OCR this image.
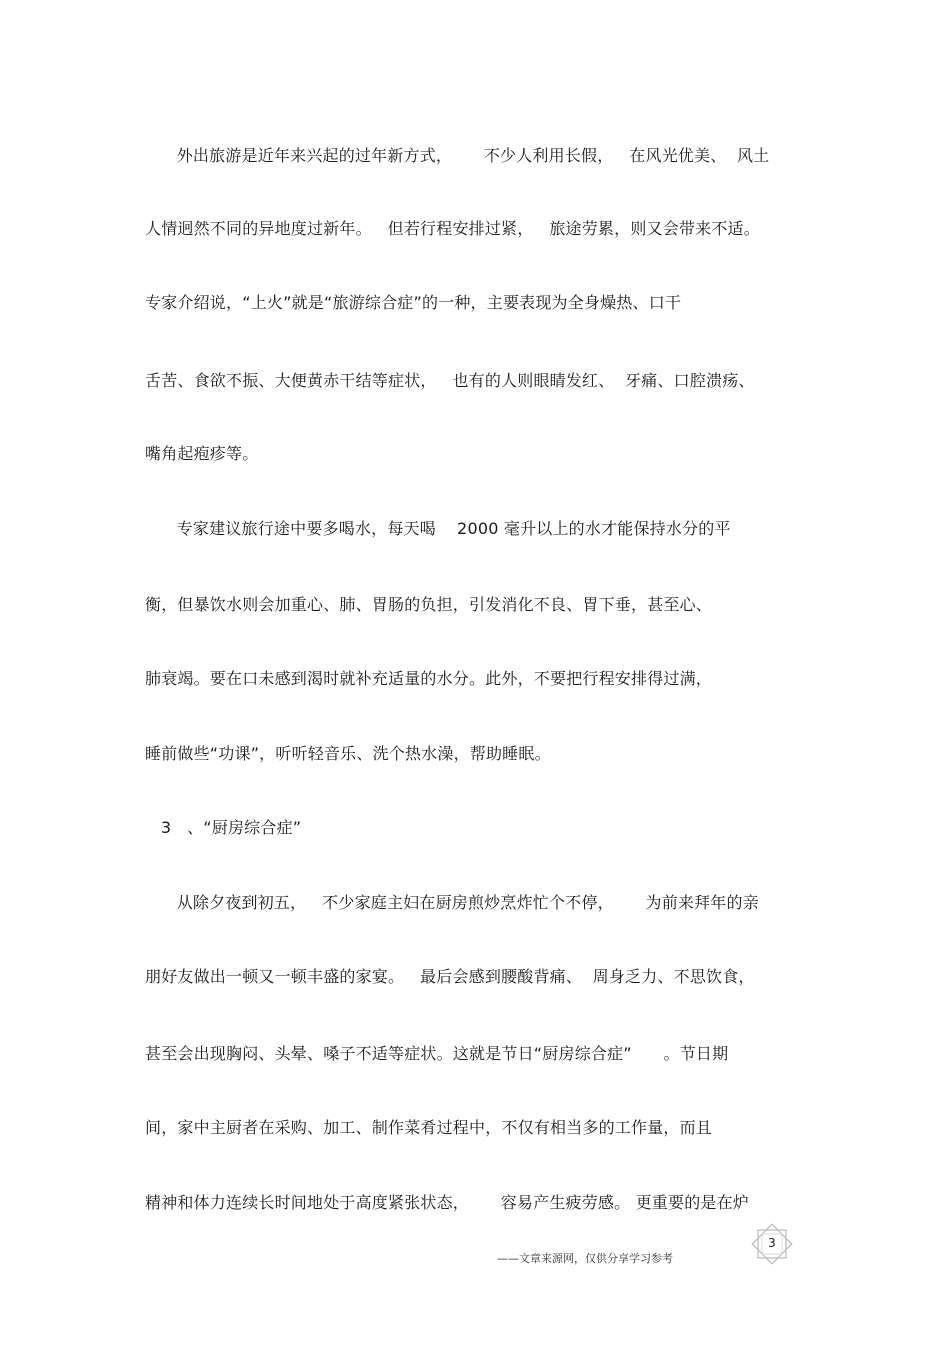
外出旅游是近年来兴起的过年新方式，      不少人利用长假，   在风光优美、  风土
人情迥然不同的异地度过新年。   但若行程安排过紧，   旅途劳累，则又会带来不适。
专家介绍说，“上火”就是“旅游综合症”的一种，主要表现为全身燥热、口干
舌苦、食欲不振、大便黄赤干结等症状，   也有的人则眼睛发红、  牙痛、口腔溃疡、
嘴角起疱疹等。
专家建议旅行途中要多喝水，每天喝    2000 毫升以上的水才能保持水分的平
衡，但暴饮水则会加重心、肺、胃肠的负担，引发消化不良、胃下垂，甚至心、
肺衰竭。要在口未感到渴时就补充适量的水分。此外，不要把行程安排得过满，
睡前做些“功课”，听听轻音乐、洗个热水澡，帮助睡眠。
3   、“厨房综合症”
从除夕夜到初五，   不少家庭主妇在厨房煎炒烹炸忙个不停，      为前来拜年的亲
朋好友做出一顿又一顿丰盛的家宴。   最后会感到腰酸背痛、  周身乏力、不思饮食，
甚至会出现胸闷、头晕、嗓子不适等症状。这就是节日“厨房综合症”      。节日期
间，家中主厨者在采购、加工、制作菜肴过程中，不仅有相当多的工作量，而且
精神和体力连续长时间地处于高度紧张状态，      容易产生疲劳感。 更重要的是在炉
3
——文章来源网，仅供分享学习参考
